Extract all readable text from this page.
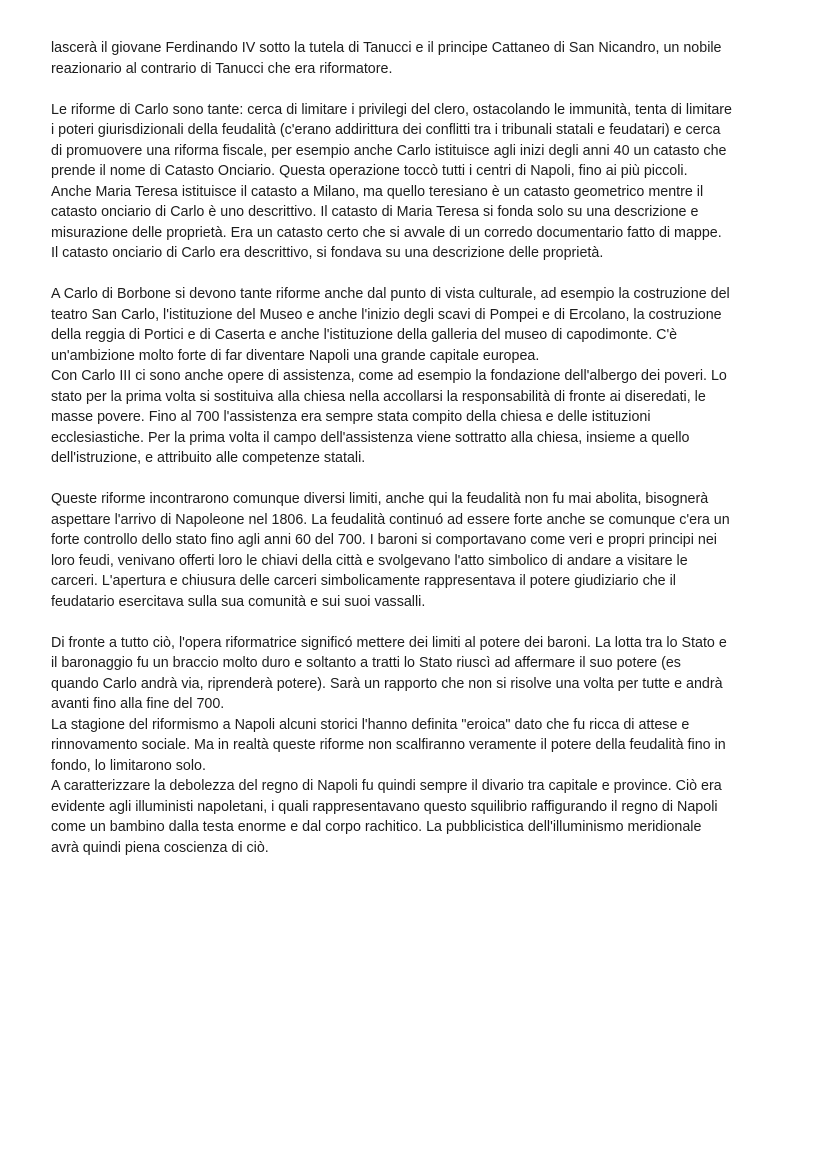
lascerà il giovane Ferdinando IV sotto la tutela di Tanucci e il principe Cattaneo di San Nicandro, un nobile
reazionario al contrario di Tanucci che era riformatore.
Le riforme di Carlo sono tante: cerca di limitare i privilegi del clero, ostacolando le immunità, tenta di limitare
i poteri giurisdizionali della feudalità (c'erano addirittura dei conflitti tra i tribunali statali e feudatari) e cerca
di promuovere una riforma fiscale, per esempio anche Carlo istituisce agli inizi degli anni 40 un catasto che
prende il nome di Catasto Onciario. Questa operazione toccò tutti i centri di Napoli, fino ai più piccoli.
Anche Maria Teresa istituisce il catasto a Milano, ma quello teresiano è un catasto geometrico mentre il
catasto onciario di Carlo è uno descrittivo. Il catasto di Maria Teresa si fonda solo su una descrizione e
misurazione delle proprietà. Era un catasto certo che si avvale di un corredo documentario fatto di mappe.
Il catasto onciario di Carlo era descrittivo, si fondava su una descrizione delle proprietà.
A Carlo di Borbone si devono tante riforme anche dal punto di vista culturale, ad esempio la costruzione del
teatro San Carlo, l'istituzione del Museo e anche l'inizio degli scavi di Pompei e di Ercolano, la costruzione
della reggia di Portici e di Caserta e anche l'istituzione della galleria del museo di capodimonte. C'è
un'ambizione molto forte di far diventare Napoli una grande capitale europea.
Con Carlo III ci sono anche opere di assistenza, come ad esempio la fondazione dell'albergo dei poveri. Lo
stato per la prima volta si sostituiva alla chiesa nella accollarsi la responsabilità di fronte ai diseredati, le
masse povere. Fino al 700 l'assistenza era sempre stata compito della chiesa e delle istituzioni
ecclesiastiche. Per la prima volta il campo dell'assistenza viene sottratto alla chiesa, insieme a quello
dell'istruzione, e attribuito alle competenze statali.
Queste riforme incontrarono comunque diversi limiti, anche qui la feudalità non fu mai abolita, bisognerà
aspettare l'arrivo di Napoleone nel 1806. La feudalità continuó ad essere forte anche se comunque c'era un
forte controllo dello stato fino agli anni 60 del 700. I baroni si comportavano come veri e propri principi nei
loro feudi, venivano offerti loro le chiavi della città e svolgevano l'atto simbolico di andare a visitare le
carceri. L'apertura e chiusura delle carceri simbolicamente rappresentava il potere giudiziario che il
feudatario esercitava sulla sua comunità e sui suoi vassalli.
Di fronte a tutto ciò, l'opera riformatrice significó mettere dei limiti al potere dei baroni. La lotta tra lo Stato e
il baronaggio fu un braccio molto duro e soltanto a tratti lo Stato riuscì ad affermare il suo potere (es
quando Carlo andrà via, riprenderà potere). Sarà un rapporto che non si risolve una volta per tutte e andrà
avanti fino alla fine del 700.
La stagione del riformismo a Napoli alcuni storici l'hanno definita "eroica" dato che fu ricca di attese e
rinnovamento sociale. Ma in realtà queste riforme non scalfiranno veramente il potere della feudalità fino in
fondo, lo limitarono solo.
A caratterizzare la debolezza del regno di Napoli fu quindi sempre il divario tra capitale e province. Ciò era
evidente agli illuministi napoletani, i quali rappresentavano questo squilibrio raffigurando il regno di Napoli
come un bambino dalla testa enorme e dal corpo rachitico. La pubblicistica dell'illuminismo meridionale
avrà quindi piena coscienza di ciò.
